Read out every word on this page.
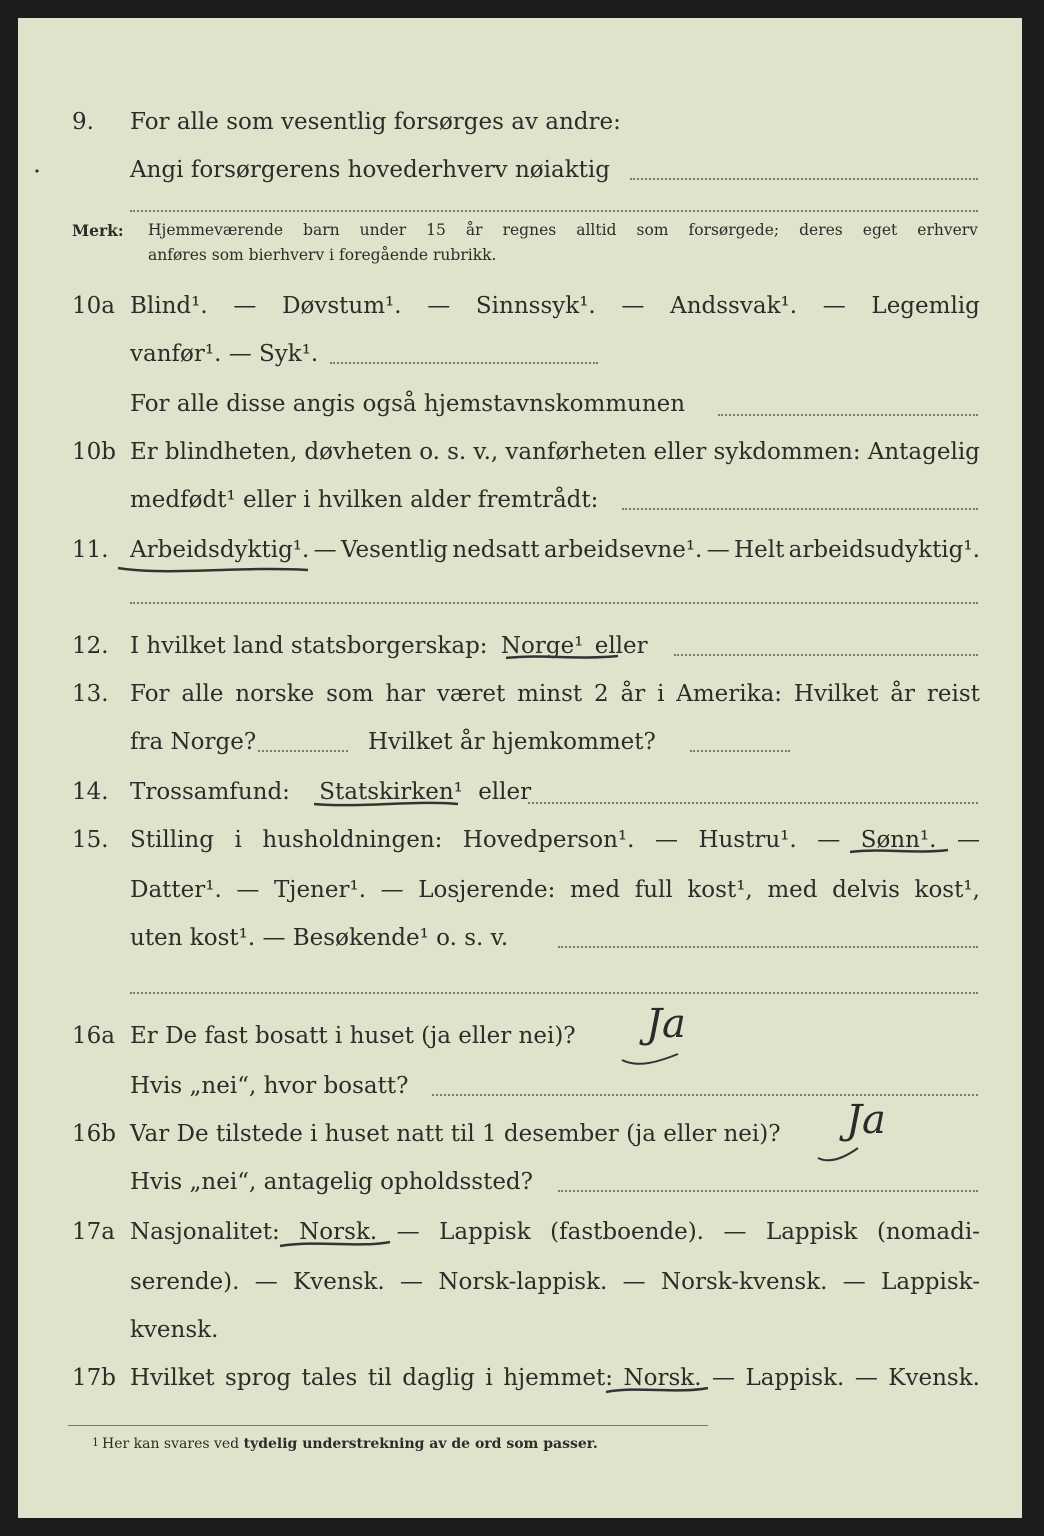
9. For alle som vesentlig forsørges av andre:
Angi forsørgerens hovederhverv nøiaktig
Merk: Hjemmeværende barn under 15 år regnes alltid som forsørgede; deres eget erhverv
anføres som bierhverv i foregående rubrikk.
10a Blind¹. — Døvstum¹. — Sinnssyk¹. — Andssvak¹. — Legemlig
vanfør¹. — Syk¹.
For alle disse angis også hjemstavnskommunen
10b Er blindheten, døvheten o. s. v., vanførheten eller sykdommen: Antagelig
medfødt¹ eller i hvilken alder fremtrådt:
11. Arbeidsdyktig¹. — Vesentlig nedsatt arbeidsevne¹. — Helt arbeidsudyktig¹.
12. I hvilket land statsborgerskap: Norge¹ eller
13. For alle norske som har været minst 2 år i Amerika: Hvilket år reist
fra Norge?	Hvilket år hjemkommet?
14. Trossamfund: Statskirken¹ eller
15. Stilling i husholdningen: Hovedperson¹. — Hustru¹. — Sønn¹. —
Datter¹. — Tjener¹. — Losjerende: med full kost¹, med delvis kost¹,
uten kost¹. — Besøkende¹ o. s. v.
16a Er De fast bosatt i huset (ja eller nei)? Ja
Hvis „nei“, hvor bosatt?
16b Var De tilstede i huset natt til 1 desember (ja eller nei)? Ja
Hvis „nei“, antagelig opholdssted?
17a Nasjonalitet: Norsk. — Lappisk (fastboende). — Lappisk (nomadi-
serende). — Kvensk. — Norsk-lappisk. — Norsk-kvensk. — Lappisk-
kvensk.
17b Hvilket sprog tales til daglig i hjemmet: Norsk. — Lappisk. — Kvensk.
1 Her kan svares ved tydelig understrekning av de ord som passer.
